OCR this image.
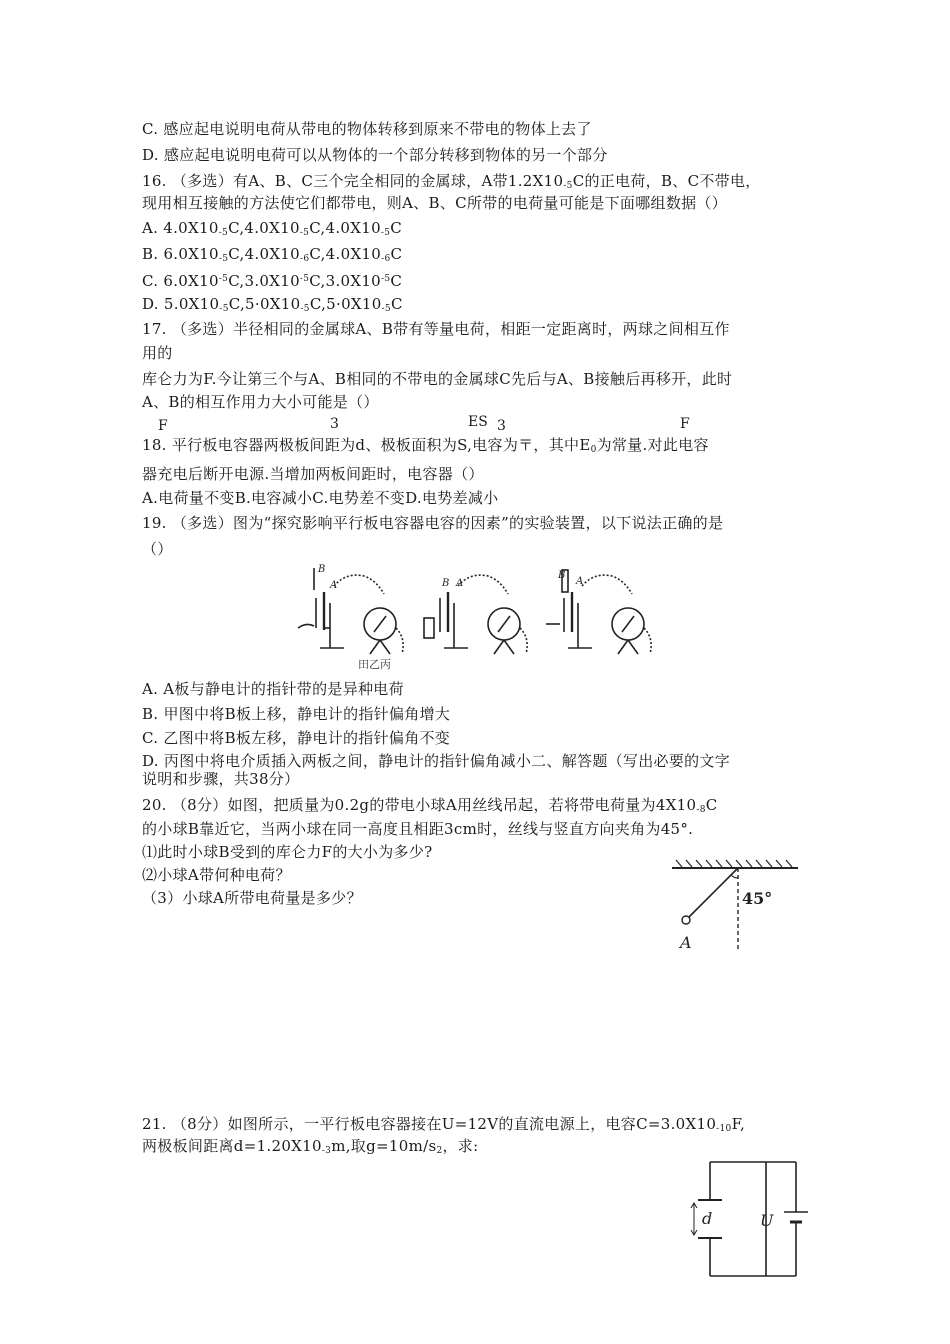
C. 感应起电说明电荷从带电的物体转移到原来不带电的物体上去了
D. 感应起电说明电荷可以从物体的一个部分转移到物体的另一个部分
16. （多选）有A、B、C三个完全相同的金属球，A带$1.2X10_{-5}C$的正电荷，B、C不带电，
现用相互接触的方法使它们都带电，则A、B、C所带的电荷量可能是下面哪组数据（）
A. $4.0X10_{-5}C,4.0X10_{-5}C,4.0X10_{-5}C$
B. $6.0X10_{-5}C,4.0X10_{-6}C,4.0X10_{-6}C$
C. $6.0X10^{-5}C,3.0X10^{-5}C,3.0X10^{-5}C$
D. $5.0X10_{-5}C,5\cdot 0X10_{-5}C,5\cdot 0X10_{-5}C$
17. （多选）半径相同的金属球A、B带有等量电荷，相距一定距离时，两球之间相互作
用的
库仑力为F.今让第三个与A、B相同的不带电的金属球C先后与A、B接触后再移开，此时
A、B的相互作用力大小可能是（）
F	3	ES 3	F
18. 平行板电容器两极板间距为d、极板面积为S,电容为〒，其中$E_0$为常量.对此电容
器充电后断开电源.当增加两板间距时，电容器（）
A.电荷量不变B.电容减小C.电势差不变D.电势差减小
19. （多选）图为“探究影响平行板电容器电容的因素”的实验装置，以下说法正确的是
（）
B
A	B A
B
A
田乙丙
A. A板与静电计的指针带的是异种电荷
B. 甲图中将B板上移，静电计的指针偏角增大
C. 乙图中将B板左移，静电计的指针偏角不变
D. 丙图中将电介质插入两板之间，静电计的指针偏角减小二、解答题（写出必要的文字
说明和步骤，共38分）
20. （8分）如图，把质量为0.2g的带电小球A用丝线吊起，若将带电荷量为$4X10_{-8}C$
的小球B靠近它，当两小球在同一高度且相距3cm时，丝线与竖直方向夹角为45°.
⑴此时小球B受到的库仑力F的大小为多少?
⑵小球A带何种电荷？
（3）小球A所带电荷量是多少？	45°
A
21. （8分）如图所示，一平行板电容器接在U=12V的直流电源上，电容$C=3.0X10_{-10}F$,
两极板间距离$d=1.20X10_{-3}m$,取$g=10m/s_2$，求:
d	U
